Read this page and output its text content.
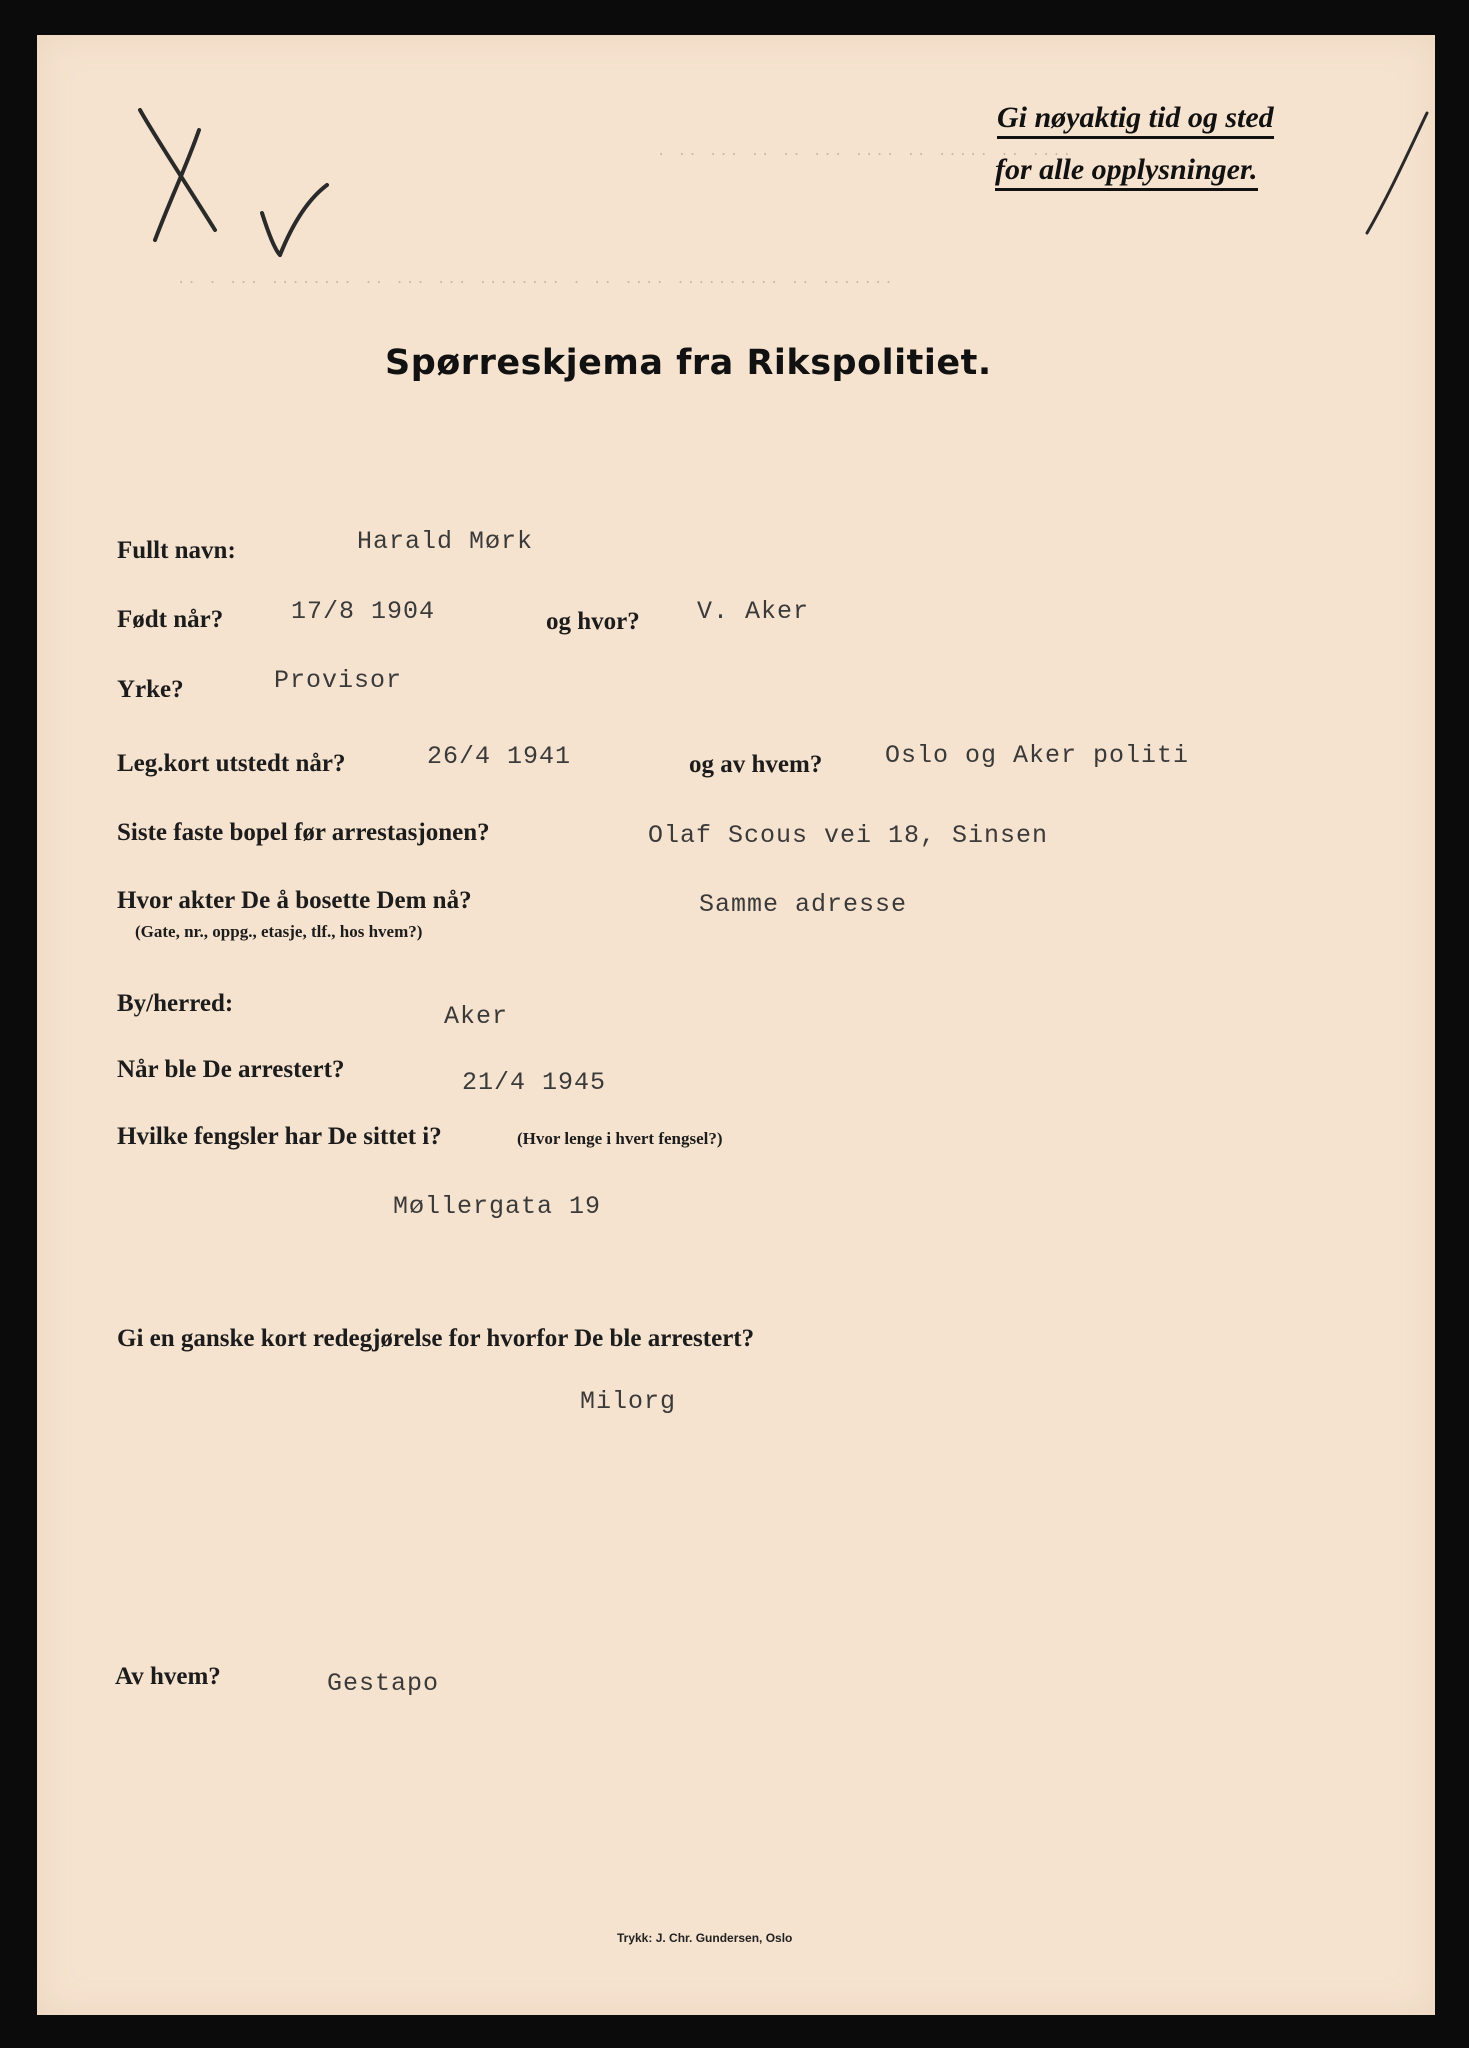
· ·· ··· ·· ·· ··· ···· ·· ····· ·· ····
·· · ··· ········ ·· ··· ··· ········ · ·· ···· ·········· ·· ·······
Gi nøyaktig tid og sted
for alle opplysninger.
Spørreskjema fra Rikspolitiet.
Fullt navn:	Harald Mørk
Født når?	17/8 1904	og hvor? V. Aker
Yrke?	Provisor
Leg.kort utstedt når?	26/4 1941	og av hvem?	Oslo og Aker politi
Siste faste bopel før arrestasjonen?	Olaf Scous vei 18, Sinsen
Hvor akter De å bosette Dem nå?
(Gate, nr., oppg., etasje, tlf., hos hvem?)
Samme adresse
By/herred:	Aker
Når ble De arrestert?	21/4 1945
Hvilke fengsler har De sittet i?	(Hvor lenge i hvert fengsel?)
Møllergata 19
Gi en ganske kort redegjørelse for hvorfor De ble arrestert?
Milorg
Av hvem?	Gestapo
Trykk: J. Chr. Gundersen, Oslo
